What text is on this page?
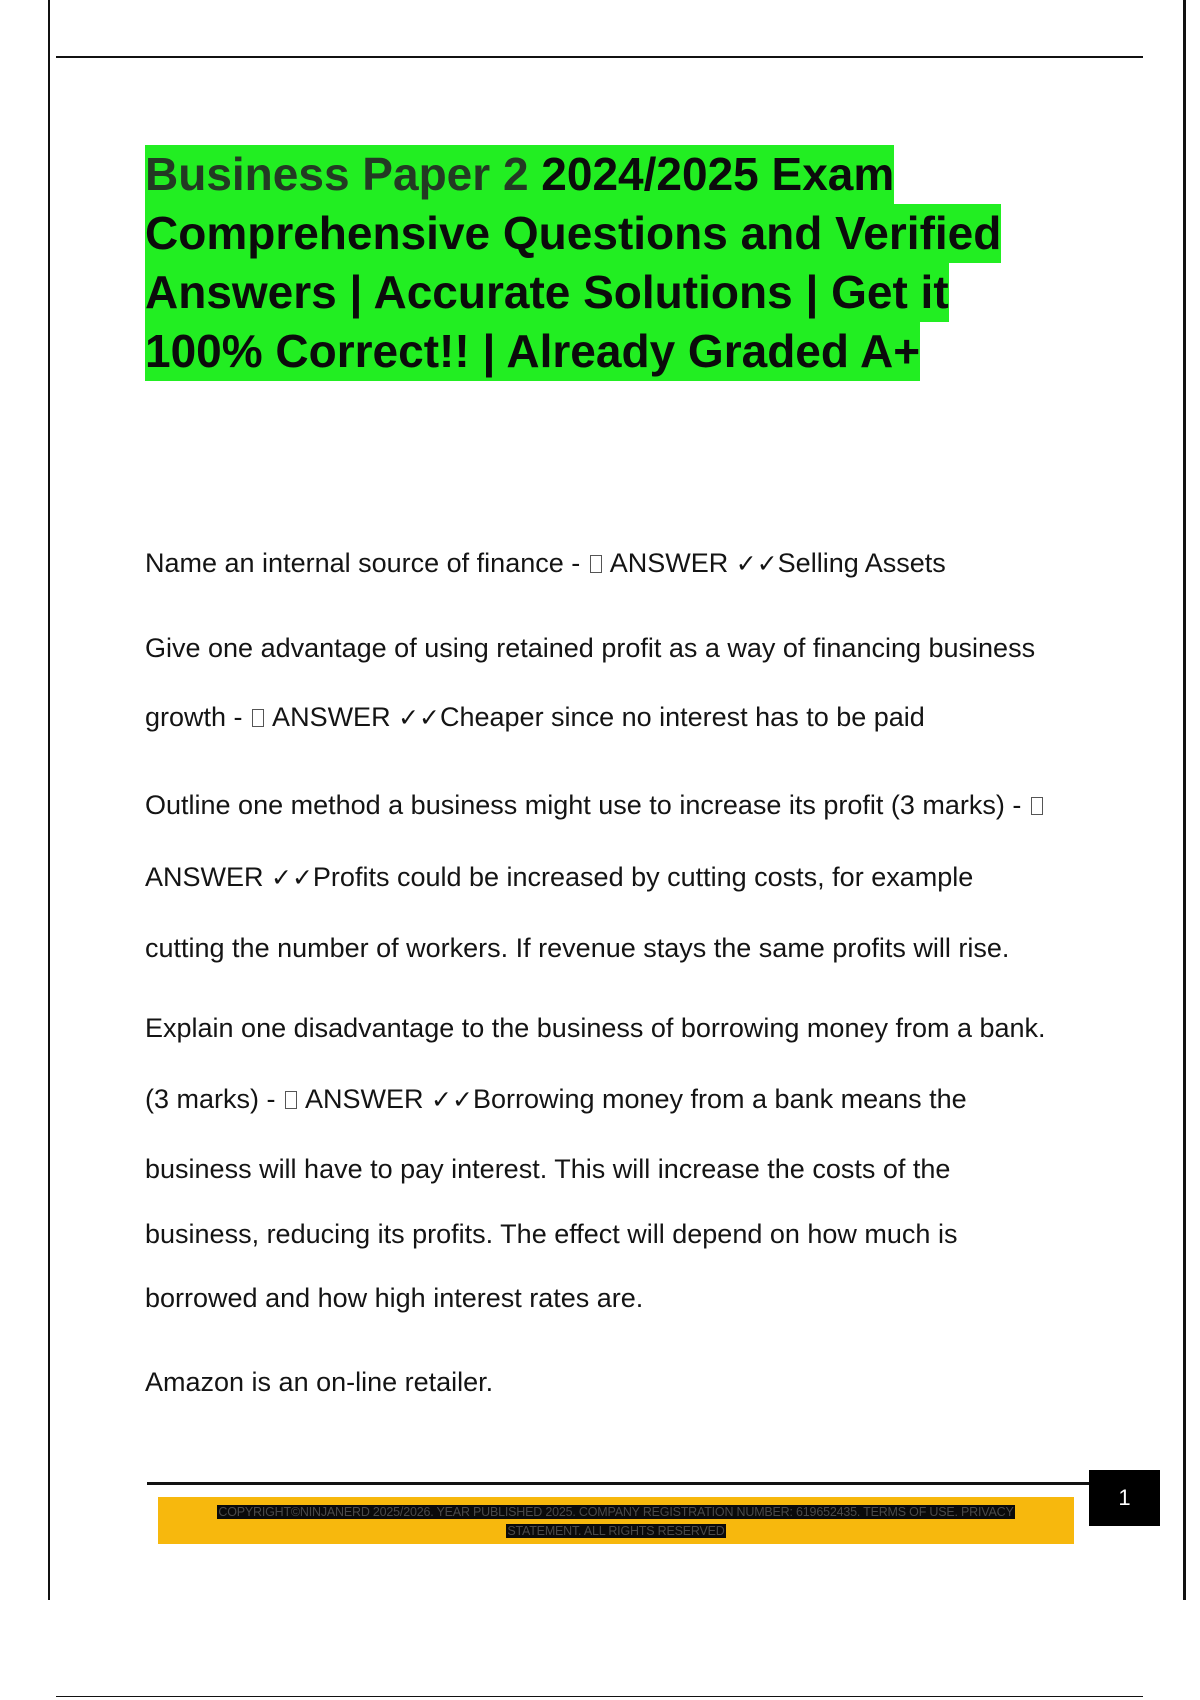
Business Paper 2 2024/2025 Exam
Comprehensive Questions and Verified
Answers | Accurate Solutions | Get it
100% Correct!! | Already Graded A+
Name an internal source of finance -  ANSWER ✓✓Selling Assets
Give one advantage of using retained profit as a way of financing business
growth -  ANSWER ✓✓Cheaper since no interest has to be paid
Outline one method a business might use to increase its profit (3 marks) -
ANSWER ✓✓Profits could be increased by cutting costs, for example
cutting the number of workers. If revenue stays the same profits will rise.
Explain one disadvantage to the business of borrowing money from a bank.
(3 marks) -  ANSWER ✓✓Borrowing money from a bank means the
business will have to pay interest. This will increase the costs of the
business, reducing its profits. The effect will depend on how much is
borrowed and how high interest rates are.
Amazon is an on-line retailer.
1
COPYRIGHT©NINJANERD 2025/2026. YEAR PUBLISHED 2025. COMPANY REGISTRATION NUMBER: 619652435. TERMS OF USE. PRIVACY
STATEMENT. ALL RIGHTS RESERVED
